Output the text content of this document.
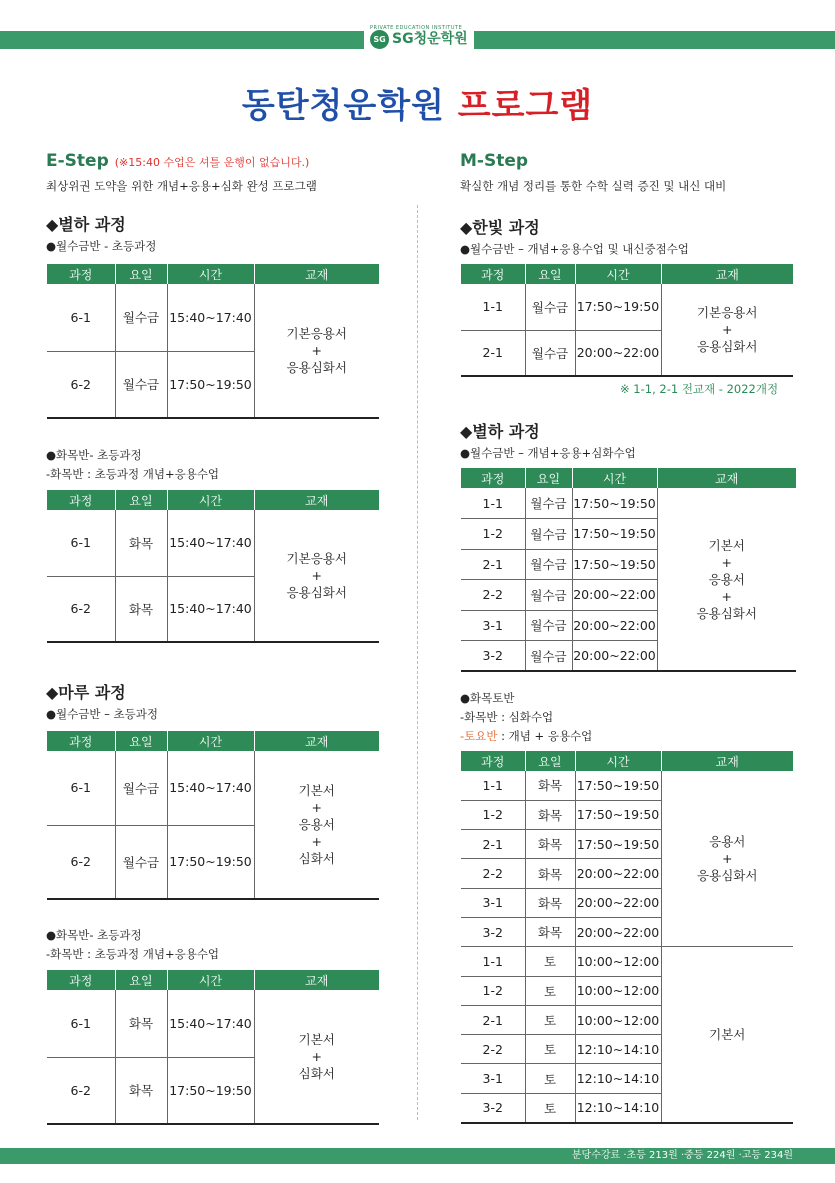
SG
PRIVATE EDUCATION INSTITUTE
SG청운학원
동탄청운학원 프로그램
E-Step (※15:40 수업은 셔틀 운행이 없습니다.)
최상위권 도약을 위한 개념+응용+심화 완성 프로그램
◆별하 과정
●월수금반 - 초등과정
과정	요일	시간	교재
6-1	월수금	15:40~17:40	기본응용서
+
응용심화서

6-2	월수금	17:50~19:50	
●화목반- 초등과정
-화목반 : 초등과정 개념+응용수업
과정	요일	시간	교재
6-1	화목	15:40~17:40	기본응용서
+
응용심화서

6-2	화목	15:40~17:40	
◆마루 과정
●월수금반 – 초등과정
과정	요일	시간	교재
6-1	월수금	15:40~17:40	기본서
+
응용서
+
심화서

6-2	월수금	17:50~19:50	
●화목반- 초등과정
-화목반 : 초등과정 개념+응용수업
과정	요일	시간	교재
6-1	화목	15:40~17:40	기본서
+
심화서

6-2	화목	17:50~19:50	
M-Step
확실한 개념 정리를 통한 수학 실력 증진 및 내신 대비
◆한빛 과정
●월수금반 – 개념+응용수업 및 내신중점수업
과정	요일	시간	교재
1-1	월수금	17:50~19:50	기본응용서
+
응용심화서

2-1	월수금	20:00~22:00	
※ 1-1, 2-1 전교재 - 2022개정
◆별하 과정
●월수금반 – 개념+응용+심화수업
과정	요일	시간	교재
1-1	월수금	17:50~19:50	기본서
+
응용서
+
응용심화서

1-2	월수금	17:50~19:50	
2-1	월수금	17:50~19:50	
2-2	월수금	20:00~22:00	
3-1	월수금	20:00~22:00	
3-2	월수금	20:00~22:00	
●화목토반
-화목반 : 심화수업
-토요반 : 개념 + 응용수업
과정	요일	시간	교재
1-1	화목	17:50~19:50	응용서
+
응용심화서

1-2	화목	17:50~19:50	
2-1	화목	17:50~19:50	
2-2	화목	20:00~22:00	
3-1	화목	20:00~22:00	
3-2	화목	20:00~22:00	
1-1	토	10:00~12:00	기본서

1-2	토	10:00~12:00	
2-1	토	10:00~12:00	
2-2	토	12:10~14:10	
3-1	토	12:10~14:10	
3-2	토	12:10~14:10	
분당수강료 ·초등 213원 ·중등 224원 ·고등 234원
